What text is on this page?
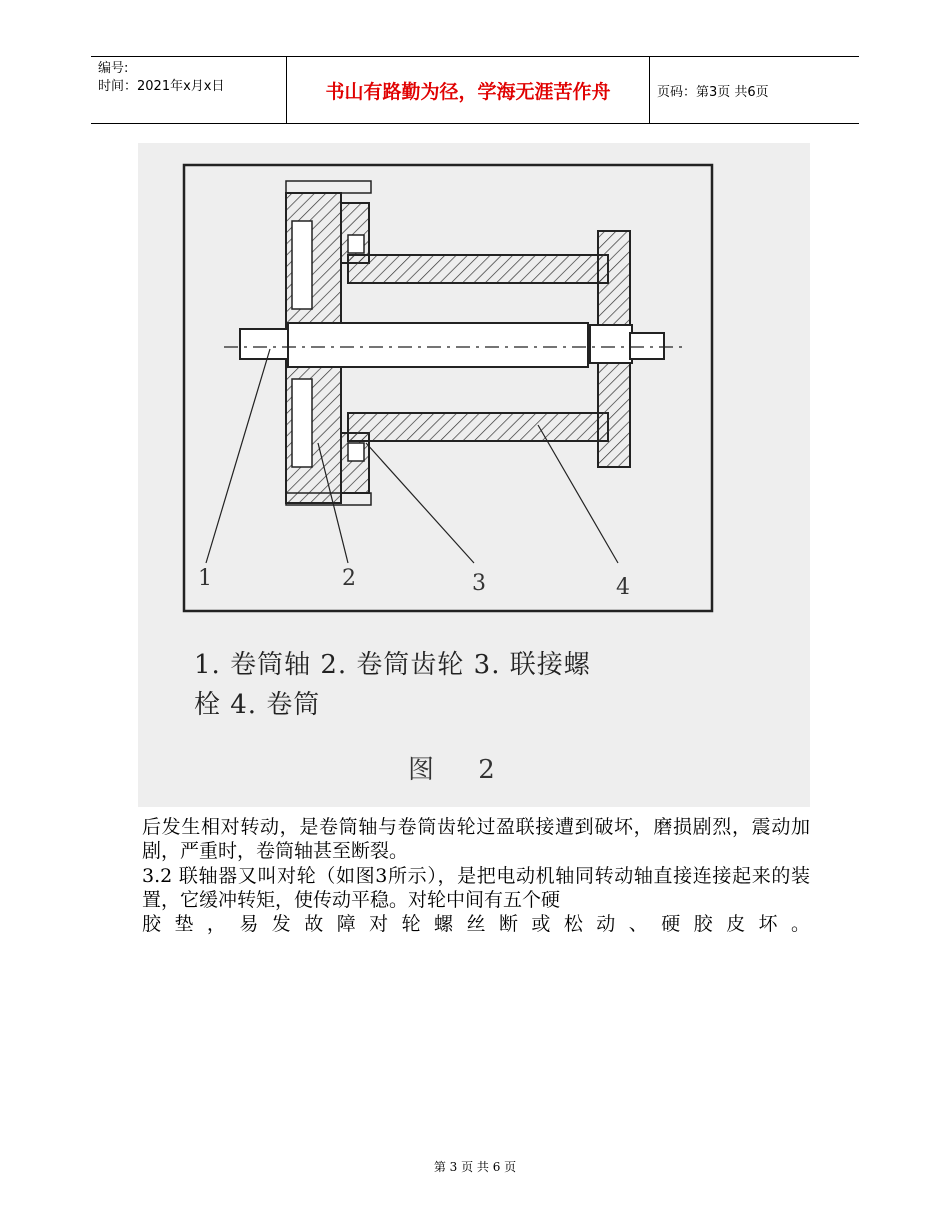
编号:
时间：2021年x月x日	书山有路勤为径，学海无涯苦作舟	页码：第3页 共6页
1	2	3	4
1. 卷筒轴 2. 卷筒齿轮 3. 联接螺
栓 4. 卷筒
图 2
后发生相对转动，是卷筒轴与卷筒齿轮过盈联接遭到破坏，磨损剧烈，震动加剧，严重时，卷筒轴甚至断裂。
3.2 联轴器又叫对轮（如图3所示），是把电动机轴同转动轴直接连接起来的装置，它缓冲转矩，使传动平稳。对轮中间有五个硬
胶垫，易发故障对轮螺丝断或松动、硬胶皮坏。
第 3 页 共 6 页
